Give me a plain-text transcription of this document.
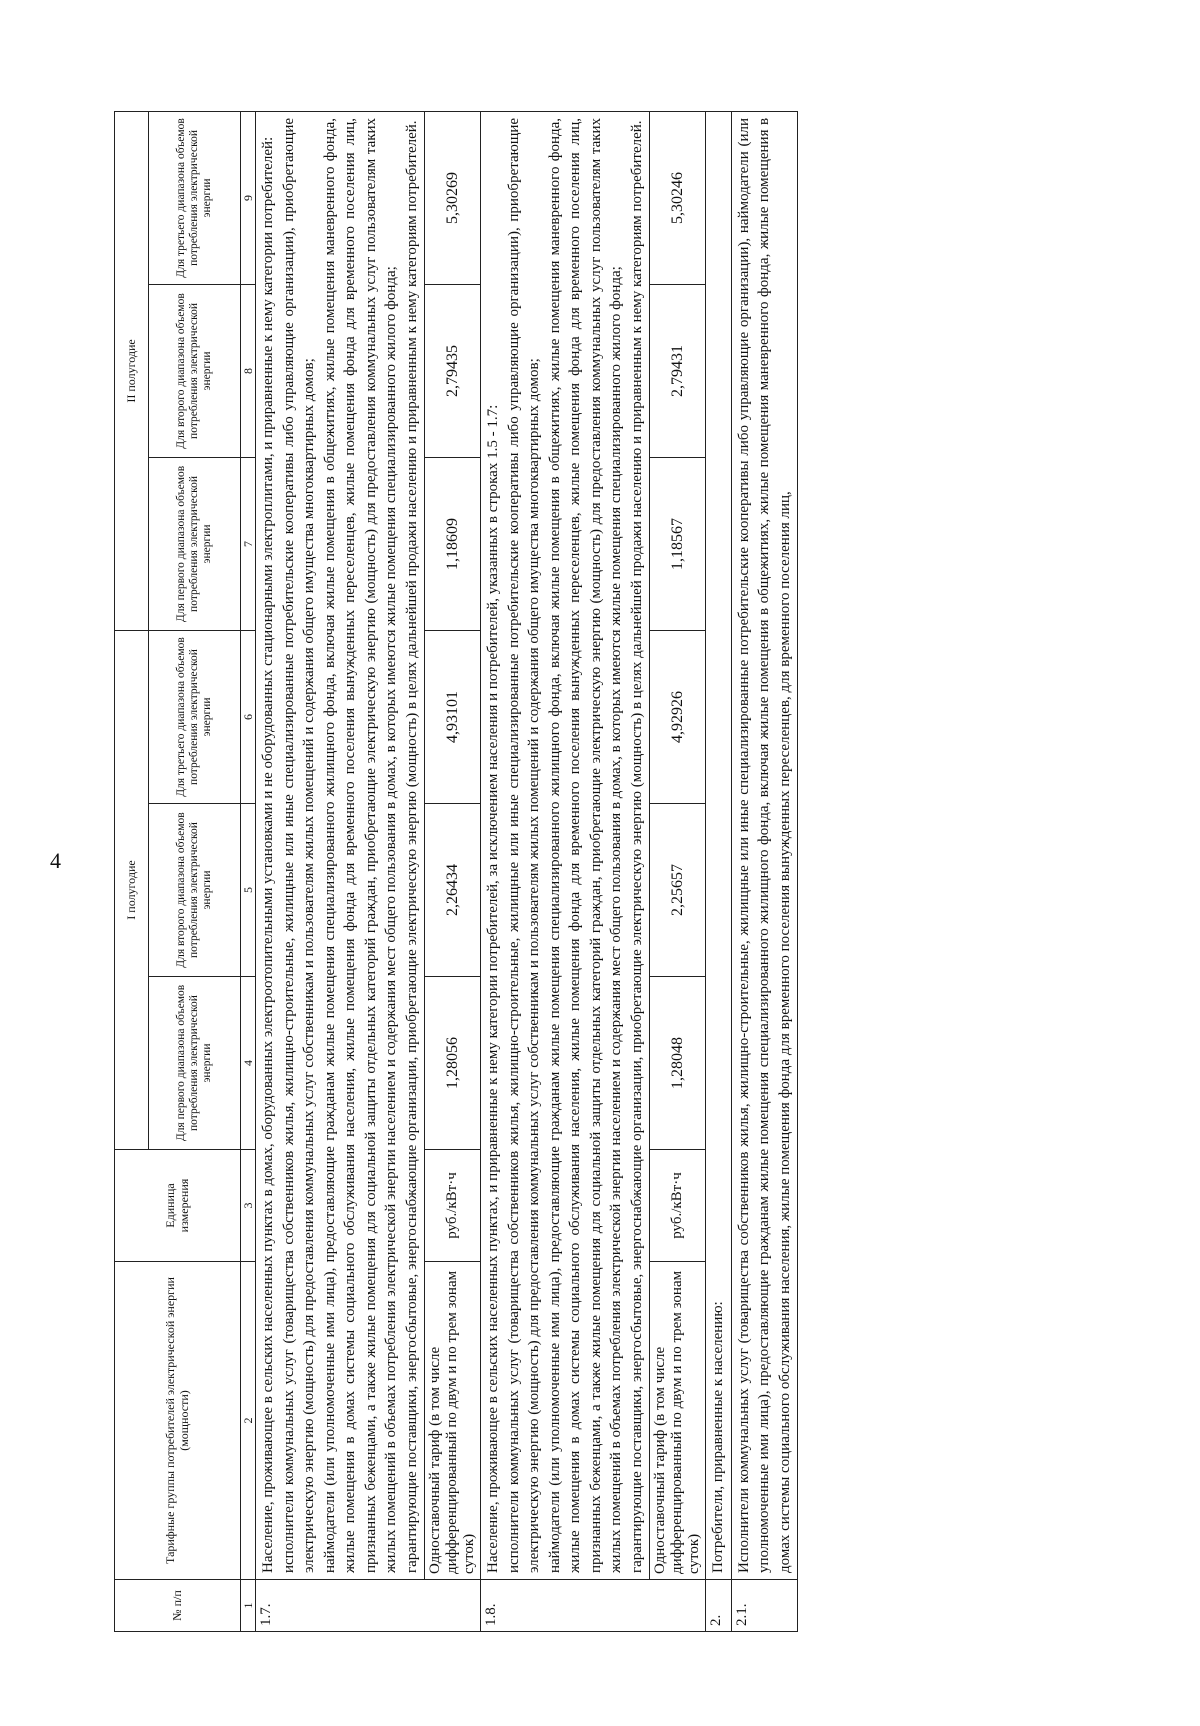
4
№ п/п	Тарифные группы потребителей электрической энергии (мощности)	Единица измерения	I полугодие			II полугодие		
			Для первого диапазона объемов потребления электрической энергии	Для второго диапазона объемов потребления электрической энергии	Для третьего диапазона объемов потребления электрической энергии	Для первого диапазона объемов потребления электрической энергии	Для второго диапазона объемов потребления электрической энергии	Для третьего диапазона объемов потребления электрической энергии
1	2	3	4	5	6	7	8	9
1.7.	Население, проживающее в сельских населенных пунктах в домах, оборудованных электроотопительными установками и не оборудованных стационарными электроплитами, и приравненные к нему категории потребителей: исполнители коммунальных услуг (товарищества собственников жилья, жилищно-строительные, жилищные или иные специализированные потребительские кооперативы либо управляющие организации), приобретающие электрическую энергию (мощность) для предоставления коммунальных услуг собственникам и пользователям жилых помещений и содержания общего имущества многоквартирных домов; наймодатели (или уполномоченные ими лица), предоставляющие гражданам жилые помещения специализированного жилищного фонда, включая жилые помещения в общежитиях, жилые помещения маневренного фонда, жилые помещения в домах системы социального обслуживания населения, жилые помещения фонда для временного поселения вынужденных переселенцев, жилые помещения фонда для временного поселения лиц, признанных беженцами, а также жилые помещения для социальной защиты отдельных категорий граждан, приобретающие электрическую энергию (мощность) для предоставления коммунальных услуг пользователям таких жилых помещений в объемах потребления электрической энергии населением и содержания мест общего пользования в домах, в которых имеются жилые помещения специализированного жилого фонда; гарантирующие поставщики, энергосбытовые, энергоснабжающие организации, приобретающие электрическую энергию (мощность) в целях дальнейшей продажи населению и приравненным к нему категориям потребителей.							

	Одноставочный тариф (в том числе дифференцированный по двум и по трем зонам суток)	руб./кВт·ч	1,28056	2,26434	4,93101	1,18609	2,79435	5,30269
1.8.	Население, проживающее в сельских населенных пунктах, и приравненные к нему категории потребителей, за исключением населения и потребителей, указанных в строках 1.5 - 1.7: исполнители коммунальных услуг (товарищества собственников жилья, жилищно-строительные, жилищные или иные специализированные потребительские кооперативы либо управляющие организации), приобретающие электрическую энергию (мощность) для предоставления коммунальных услуг собственникам и пользователям жилых помещений и содержания общего имущества многоквартирных домов; наймодатели (или уполномоченные ими лица), предоставляющие гражданам жилые помещения специализированного жилищного фонда, включая жилые помещения в общежитиях, жилые помещения маневренного фонда, жилые помещения в домах системы социального обслуживания населения, жилые помещения фонда для временного поселения вынужденных переселенцев, жилые помещения фонда для временного поселения лиц, признанных беженцами, а также жилые помещения для социальной защиты отдельных категорий граждан, приобретающие электрическую энергию (мощность) для предоставления коммунальных услуг пользователям таких жилых помещений в объемах потребления электрической энергии населением и содержания мест общего пользования в домах, в которых имеются жилые помещения специализированного жилого фонда; гарантирующие поставщики, энергосбытовые, энергоснабжающие организации, приобретающие электрическую энергию (мощность) в целях дальнейшей продажи населению и приравненным к нему категориям потребителей.							

	Одноставочный тариф (в том числе дифференцированный по двум и по трем зонам суток)	руб./кВт·ч	1,28048	2,25657	4,92926	1,18567	2,79431	5,30246
2.	Потребители, приравненные к населению:							
2.1.	Исполнители коммунальных услуг (товарищества собственников жилья, жилищно-строительные, жилищные или иные специализированные потребительские кооперативы либо управляющие организации), наймодатели (или уполномоченные ими лица), предоставляющие гражданам жилые помещения специализированного жилищного фонда, включая жилые помещения в общежитиях, жилые помещения маневренного фонда, жилые помещения в домах системы социального обслуживания населения, жилые помещения фонда для временного поселения вынужденных переселенцев, для временного поселения лиц,							
